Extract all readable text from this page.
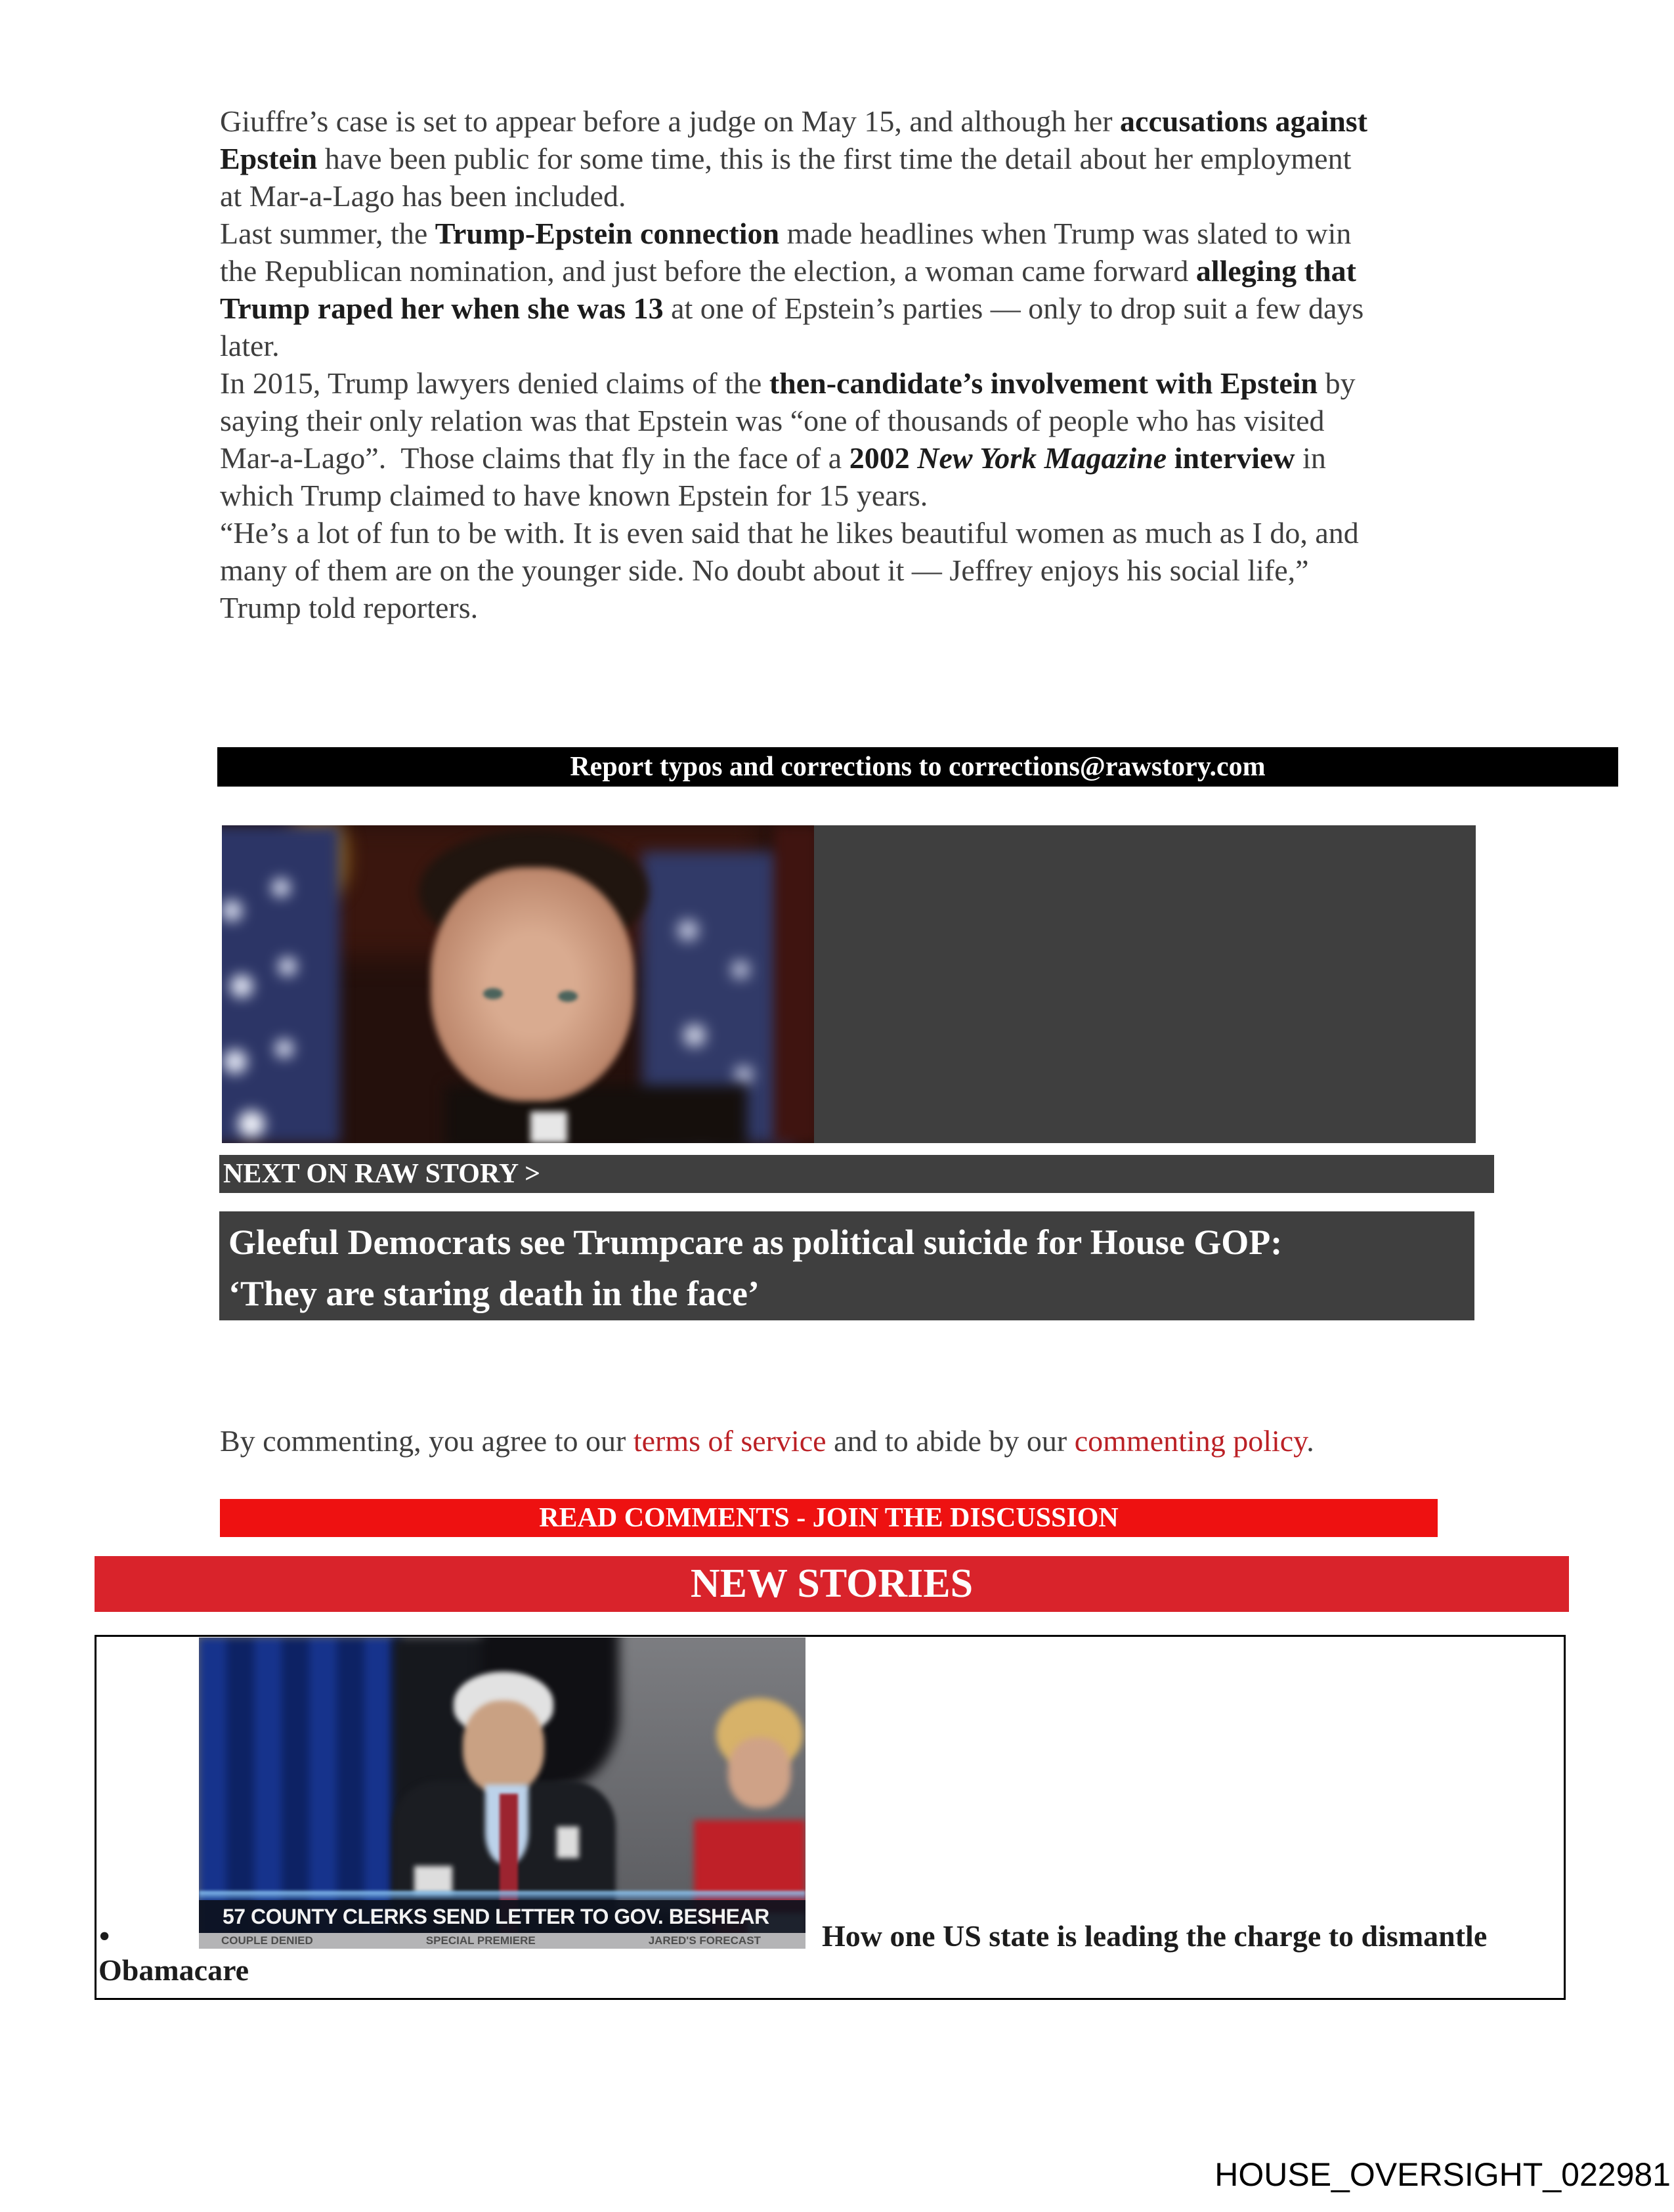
Giuffre’s case is set to appear before a judge on May 15, and although her accusations against
Epstein have been public for some time, this is the first time the detail about her employment
at Mar-a-Lago has been included.
Last summer, the Trump-Epstein connection made headlines when Trump was slated to win
the Republican nomination, and just before the election, a woman came forward alleging that
Trump raped her when she was 13 at one of Epstein’s parties — only to drop suit a few days
later.
In 2015, Trump lawyers denied claims of the then-candidate’s involvement with Epstein by
saying their only relation was that Epstein was “one of thousands of people who has visited
Mar-a-Lago”.  Those claims that fly in the face of a 2002 New York Magazine interview in
which Trump claimed to have known Epstein for 15 years.
“He’s a lot of fun to be with. It is even said that he likes beautiful women as much as I do, and
many of them are on the younger side. No doubt about it — Jeffrey enjoys his social life,”
Trump told reporters.
Report typos and corrections to corrections@rawstory.com
NEXT ON RAW STORY >
Gleeful Democrats see Trumpcare as political suicide for House GOP:
‘They are staring death in the face’
By commenting, you agree to our terms of service and to abide by our commenting policy.
READ COMMENTS - JOIN THE DISCUSSION
NEW STORIES
57 COUNTY CLERKS SEND LETTER TO GOV. BESHEAR
COUPLE DENIED	SPECIAL PREMIERE	JARED'S FORECAST
•	How one US state is leading the charge to dismantle
Obamacare
HOUSE_OVERSIGHT_022981
